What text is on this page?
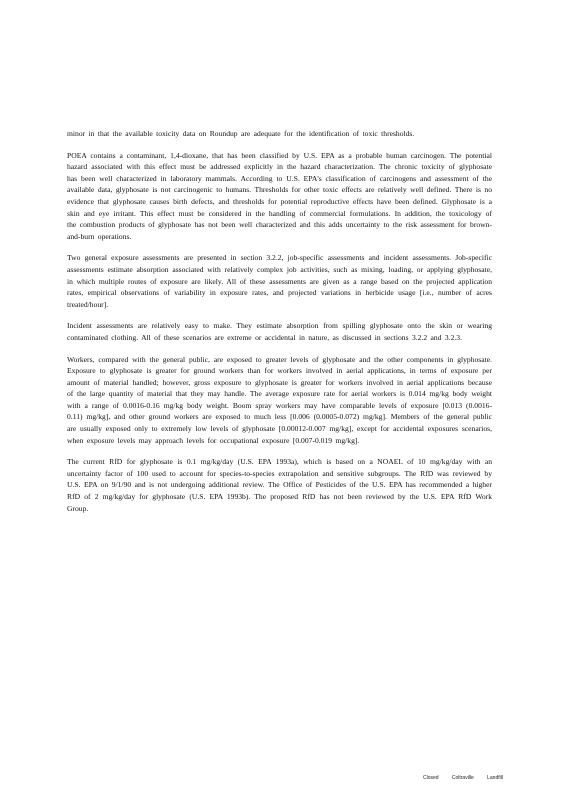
minor in that the available toxicity data on Roundup are adequate for the identification of toxic thresholds.

POEA contains a contaminant, 1,4-dioxane, that has been classified by U.S. EPA as a probable human carcinogen. The potential hazard associated with this effect must be addressed explicitly in the hazard characterization. The chronic toxicity of glyphosate has been well characterized in laboratory mammals. According to U.S. EPA's classification of carcinogens and assessment of the available data, glyphosate is not carcinogenic to humans. Thresholds for other toxic effects are relatively well defined. There is no evidence that glyphosate causes birth defects, and thresholds for potential reproductive effects have been defined. Glyphosate is a skin and eye irritant. This effect must be considered in the handling of commercial formulations. In addition, the toxicology of the combustion products of glyphosate has not been well characterized and this adds uncertainty to the risk assessment for brown-and-burn operations.

Two general exposure assessments are presented in section 3.2.2, job-specific assessments and incident assessments. Job-specific assessments estimate absorption associated with relatively complex job activities, such as mixing, loading, or applying glyphosate, in which multiple routes of exposure are likely. All of these assessments are given as a range based on the projected application rates, empirical observations of variability in exposure rates, and projected variations in herbicide usage [i.e., number of acres treated/hour].

Incident assessments are relatively easy to make. They estimate absorption from spilling glyphosate onto the skin or wearing contaminated clothing. All of these scenarios are extreme or accidental in nature, as discussed in sections 3.2.2 and 3.2.3.

Workers, compared with the general public, are exposed to greater levels of glyphosate and the other components in glyphosate. Exposure to glyphosate is greater for ground workers than for workers involved in aerial applications, in terms of exposure per amount of material handled; however, gross exposure to glyphosate is greater for workers involved in aerial applications because of the large quantity of material that they may handle. The average exposure rate for aerial workers is 0.014 mg/kg body weight with a range of 0.0016-0.16 mg/kg body weight. Boom spray workers may have comparable levels of exposure [0.013 (0.0016-0.11) mg/kg], and other ground workers are exposed to much less [0.006 (0.0005-0.072) mg/kg]. Members of the general public are usually exposed only to extremely low levels of glyphosate [0.00012-0.007 mg/kg], except for accidental exposures scenarios, when exposure levels may approach levels for occupational exposure [0.007-0.019 mg/kg].

The current RfD for glyphosate is 0.1 mg/kg/day (U.S. EPA 1993a), which is based on a NOAEL of 10 mg/kg/day with an uncertainty factor of 100 used to account for species-to-species extrapolation and sensitive subgroups. The RfD was reviewed by U.S. EPA on 9/1/90 and is not undergoing additional review. The Office of Pesticides of the U.S. EPA has recommended a higher RfD of 2 mg/kg/day for glyphosate (U.S. EPA 1993b). The proposed RfD has not been reviewed by the U.S. EPA RfD Work Group.

Closed	Coltraville	Landfill
